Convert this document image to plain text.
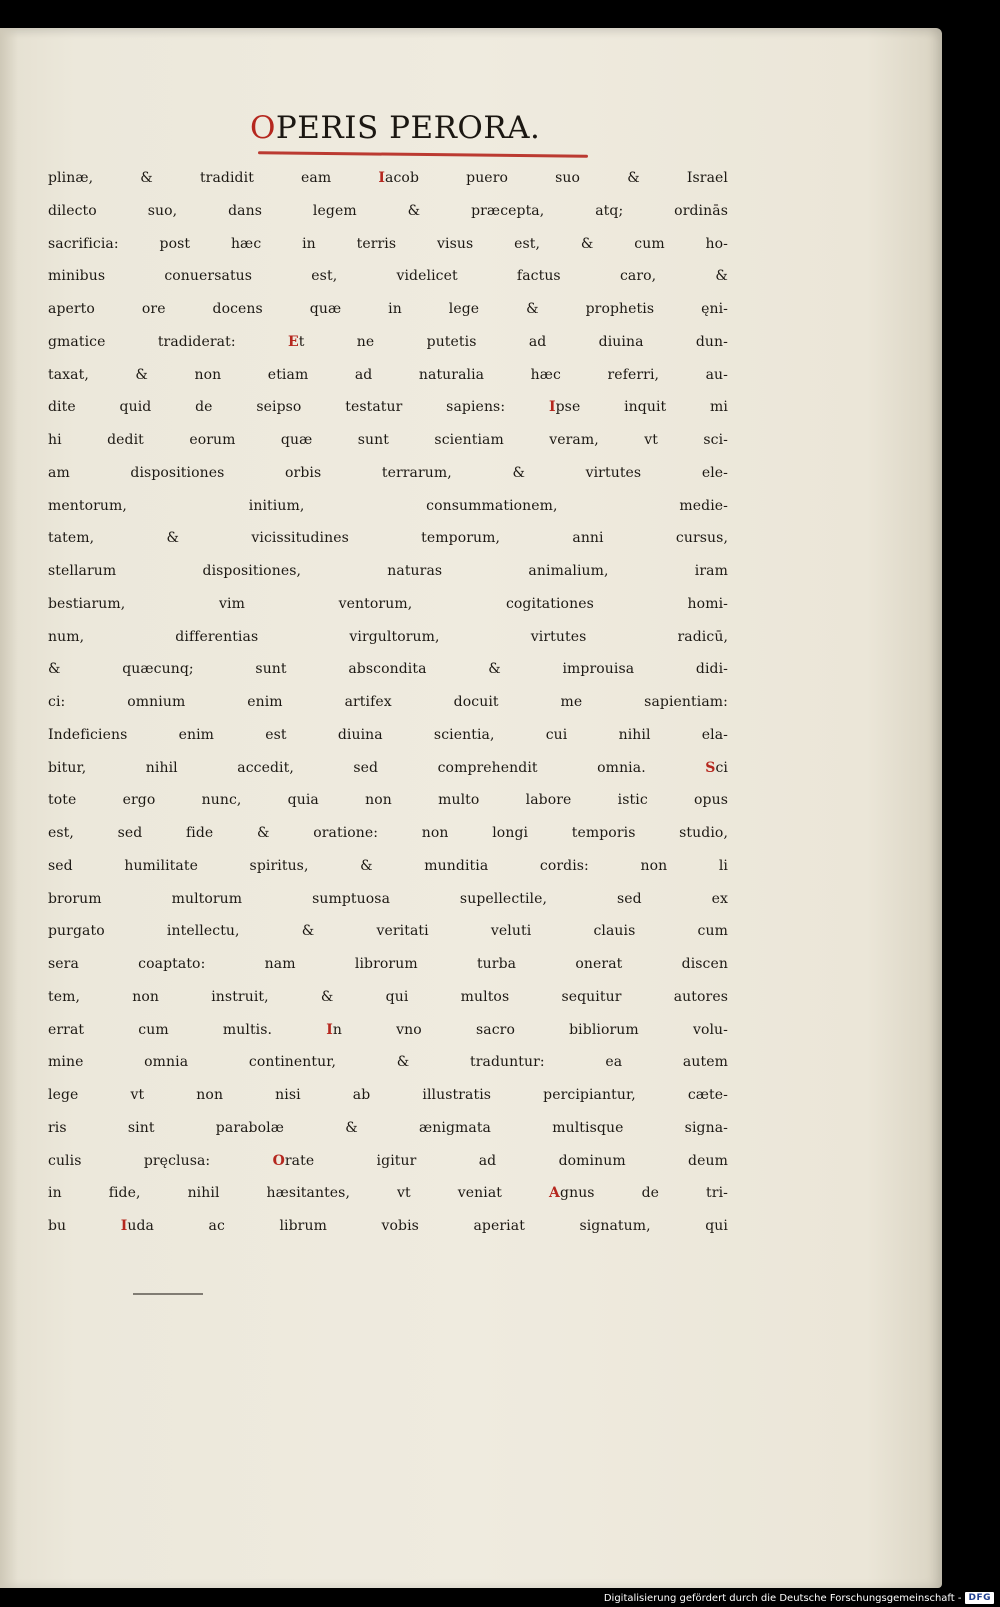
OPERIS PERORA.
plinæ, & tradidit eam Iacob puero suo & Israel
dilecto suo, dans legem & præcepta, atq; ordinās
sacrificia: post hæc in terris visus est, & cum ho-
minibus conuersatus est, videlicet factus caro, &
aperto ore docens quæ in lege & prophetis ęni-
gmatice tradiderat: Et ne putetis ad diuina dun-
taxat, & non etiam ad naturalia hæc referri, au-
dite quid de seipso testatur sapiens: Ipse inquit mi
hi dedit eorum quæ sunt scientiam veram, vt sci-
am dispositiones orbis terrarum, & virtutes ele-
mentorum, initium, consummationem, medie-
tatem, & vicissitudines temporum, anni cursus,
stellarum dispositiones, naturas animalium, iram
bestiarum, vim ventorum, cogitationes homi-
num, differentias virgultorum, virtutes radicū,
& quæcunq; sunt abscondita & improuisa didi-
ci: omnium enim artifex docuit me sapientiam:
Indeficiens enim est diuina scientia, cui nihil ela-
bitur, nihil accedit, sed comprehendit omnia. Sci
tote ergo nunc, quia non multo labore istic opus
est, sed fide & oratione: non longi temporis studio,
sed humilitate spiritus, & munditia cordis: non li
brorum multorum sumptuosa supellectile, sed ex
purgato intellectu, & veritati veluti clauis cum
sera coaptato: nam librorum turba onerat discen
tem, non instruit, & qui multos sequitur autores
errat cum multis. In vno sacro bibliorum volu-
mine omnia continentur, & traduntur: ea autem
lege vt non nisi ab illustratis percipiantur, cæte-
ris sint parabolæ & ænigmata multisque signa-
culis pręclusa: Orate igitur ad dominum deum
in fide, nihil hæsitantes, vt veniat Agnus de tri-
bu Iuda ac librum vobis aperiat signatum, qui
Digitalisierung gefördert durch die Deutsche Forschungsgemeinschaft - DFG
